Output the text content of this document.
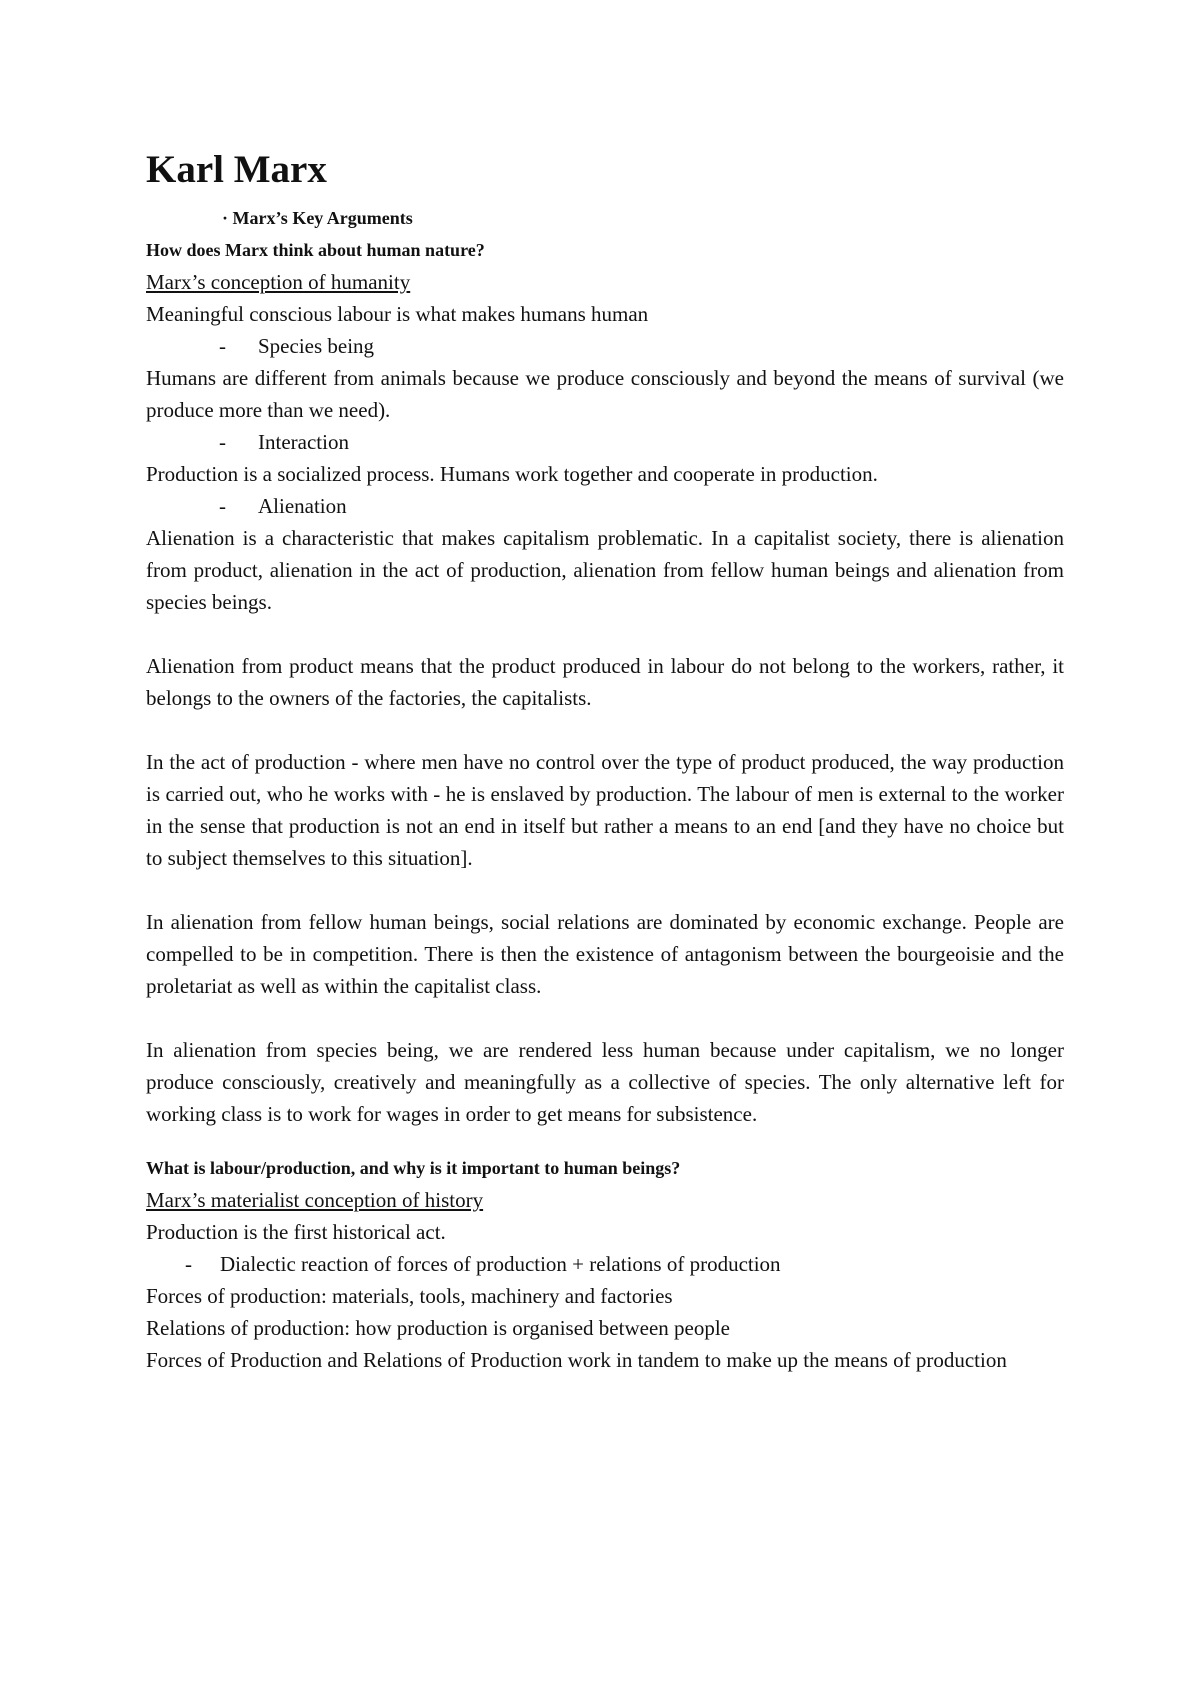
Karl Marx
· Marx’s Key Arguments
How does Marx think about human nature?
Marx’s conception of humanity

Meaningful conscious labour is what makes humans human

-	Species being

Humans are different from animals because we produce consciously and beyond the means of survival (we produce more than we need).

-	Interaction

Production is a socialized process. Humans work together and cooperate in production.

-	Alienation

Alienation is a characteristic that makes capitalism problematic. In a capitalist society, there is alienation from product, alienation in the act of production, alienation from fellow human beings and alienation from species beings.

Alienation from product means that the product produced in labour do not belong to the workers, rather, it belongs to the owners of the factories, the capitalists.

In the act of production - where men have no control over the type of product produced, the way production is carried out, who he works with - he is enslaved by production. The labour of men is external to the worker in the sense that production is not an end in itself but rather a means to an end [and they have no choice but to subject themselves to this situation].

In alienation from fellow human beings, social relations are dominated by economic exchange. People are compelled to be in competition. There is then the existence of antagonism between the bourgeoisie and the proletariat as well as within the capitalist class.

In alienation from species being, we are rendered less human because under capitalism, we no longer produce consciously, creatively and meaningfully as a collective of species. The only alternative left for working class is to work for wages in order to get means for subsistence.

What is labour/production, and why is it important to human beings?
Marx’s materialist conception of history

Production is the first historical act.

-	Dialectic reaction of forces of production + relations of production

Forces of production: materials, tools, machinery and factories

Relations of production: how production is organised between people

Forces of Production and Relations of Production work in tandem to make up the means of production
